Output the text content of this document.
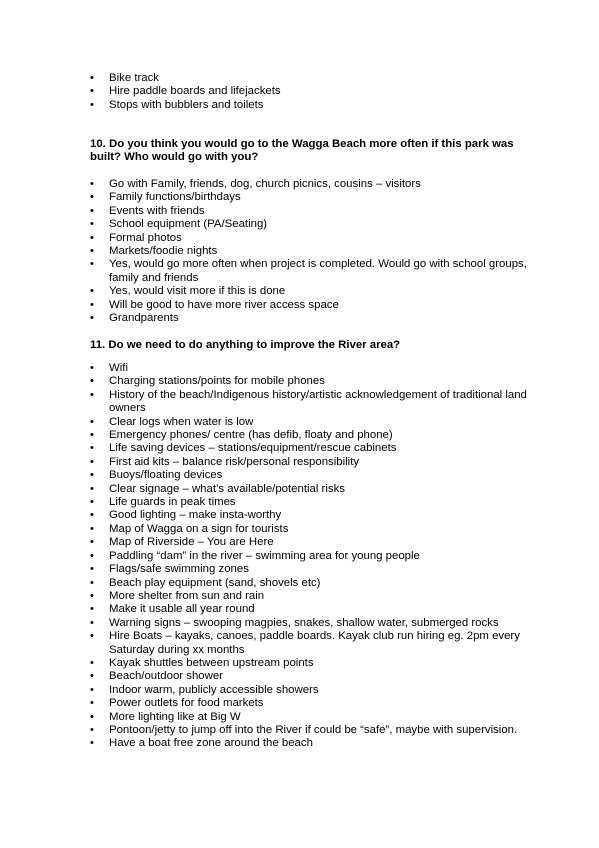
• Bike track
• Hire paddle boards and lifejackets
• Stops with bubblers and toilets
10. Do you think you would go to the Wagga Beach more often if this park was built? Who would go with you?
• Go with Family, friends, dog, church picnics, cousins – visitors
• Family functions/birthdays
• Events with friends
• School equipment (PA/Seating)
• Formal photos
• Markets/foodie nights
• Yes, would go more often when project is completed. Would go with school groups, family and friends
• Yes, would visit more if this is done
• Will be good to have more river access space
• Grandparents
11. Do we need to do anything to improve the River area?
• Wifi
• Charging stations/points for mobile phones
• History of the beach/Indigenous history/artistic acknowledgement of traditional land owners
• Clear logs when water is low
• Emergency phones/ centre (has defib, floaty and phone)
• Life saving devices – stations/equipment/rescue cabinets
• First aid kits – balance risk/personal responsibility
• Buoys/floating devices
• Clear signage – what’s available/potential risks
• Life guards in peak times
• Good lighting – make insta-worthy
• Map of Wagga on a sign for tourists
• Map of Riverside – You are Here
• Paddling “dam” in the river – swimming area for young people
• Flags/safe swimming zones
• Beach play equipment (sand, shovels etc)
• More shelter from sun and rain
• Make it usable all year round
• Warning signs – swooping magpies, snakes, shallow water, submerged rocks
• Hire Boats – kayaks, canoes, paddle boards. Kayak club run hiring eg. 2pm every Saturday during xx months
• Kayak shuttles between upstream points
• Beach/outdoor shower
• Indoor warm, publicly accessible showers
• Power outlets for food markets
• More lighting like at Big W
• Pontoon/jetty to jump off into the River if could be “safe”, maybe with supervision.
• Have a boat free zone around the beach
